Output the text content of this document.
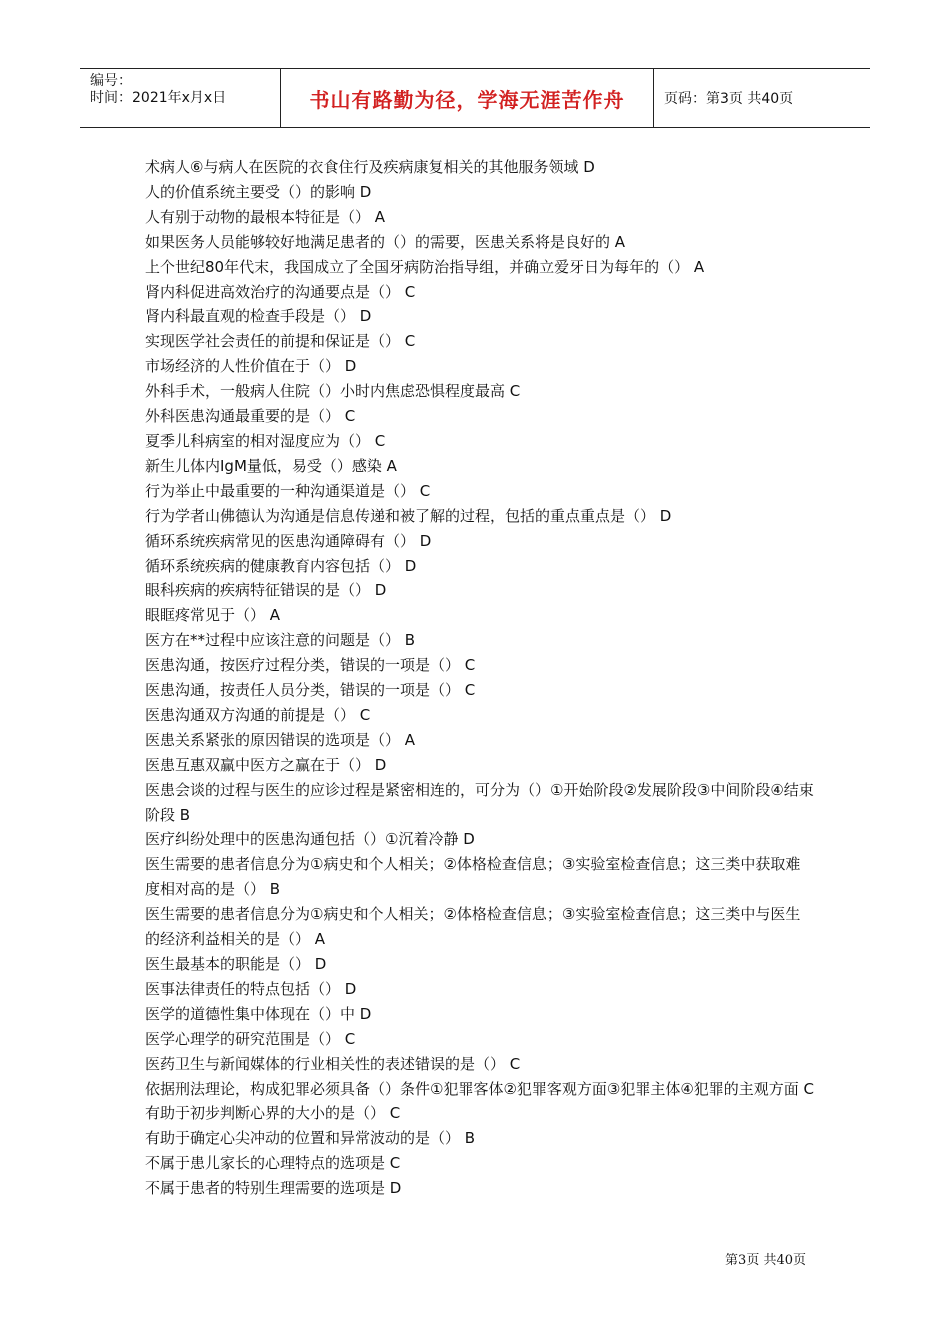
编号：
时间：2021年x月x日	书山有路勤为径，学海无涯苦作舟	页码：第3页 共40页
术病人⑥与病人在医院的衣食住行及疾病康复相关的其他服务领域 D
人的价值系统主要受（）的影响 D
人有别于动物的最根本特征是（） A
如果医务人员能够较好地满足患者的（）的需要，医患关系将是良好的 A
上个世纪80年代末，我国成立了全国牙病防治指导组，并确立爱牙日为每年的（） A
肾内科促进高效治疗的沟通要点是（） C
肾内科最直观的检查手段是（） D
实现医学社会责任的前提和保证是（） C
市场经济的人性价值在于（） D
外科手术，一般病人住院（）小时内焦虑恐惧程度最高 C
外科医患沟通最重要的是（） C
夏季儿科病室的相对湿度应为（） C
新生儿体内IgM量低，易受（）感染 A
行为举止中最重要的一种沟通渠道是（） C
行为学者山佛德认为沟通是信息传递和被了解的过程，包括的重点重点是（） D
循环系统疾病常见的医患沟通障碍有（） D
循环系统疾病的健康教育内容包括（） D
眼科疾病的疾病特征错误的是（） D
眼眶疼常见于（） A
医方在**过程中应该注意的问题是（） B
医患沟通，按医疗过程分类，错误的一项是（） C
医患沟通，按责任人员分类，错误的一项是（） C
医患沟通双方沟通的前提是（） C
医患关系紧张的原因错误的选项是（） A
医患互惠双赢中医方之赢在于（） D
医患会谈的过程与医生的应诊过程是紧密相连的，可分为（）①开始阶段②发展阶段③中间阶段④结束阶段 B
医疗纠纷处理中的医患沟通包括（）①沉着冷静 D
医生需要的患者信息分为①病史和个人相关；②体格检查信息；③实验室检查信息；这三类中获取难度相对高的是（） B
医生需要的患者信息分为①病史和个人相关；②体格检查信息；③实验室检查信息；这三类中与医生的经济利益相关的是（） A
医生最基本的职能是（） D
医事法律责任的特点包括（） D
医学的道德性集中体现在（）中 D
医学心理学的研究范围是（） C
医药卫生与新闻媒体的行业相关性的表述错误的是（） C
依据刑法理论，构成犯罪必须具备（）条件①犯罪客体②犯罪客观方面③犯罪主体④犯罪的主观方面 C
有助于初步判断心界的大小的是（） C
有助于确定心尖冲动的位置和异常波动的是（） B
不属于患儿家长的心理特点的选项是 C
不属于患者的特别生理需要的选项是 D
第3页 共40页
